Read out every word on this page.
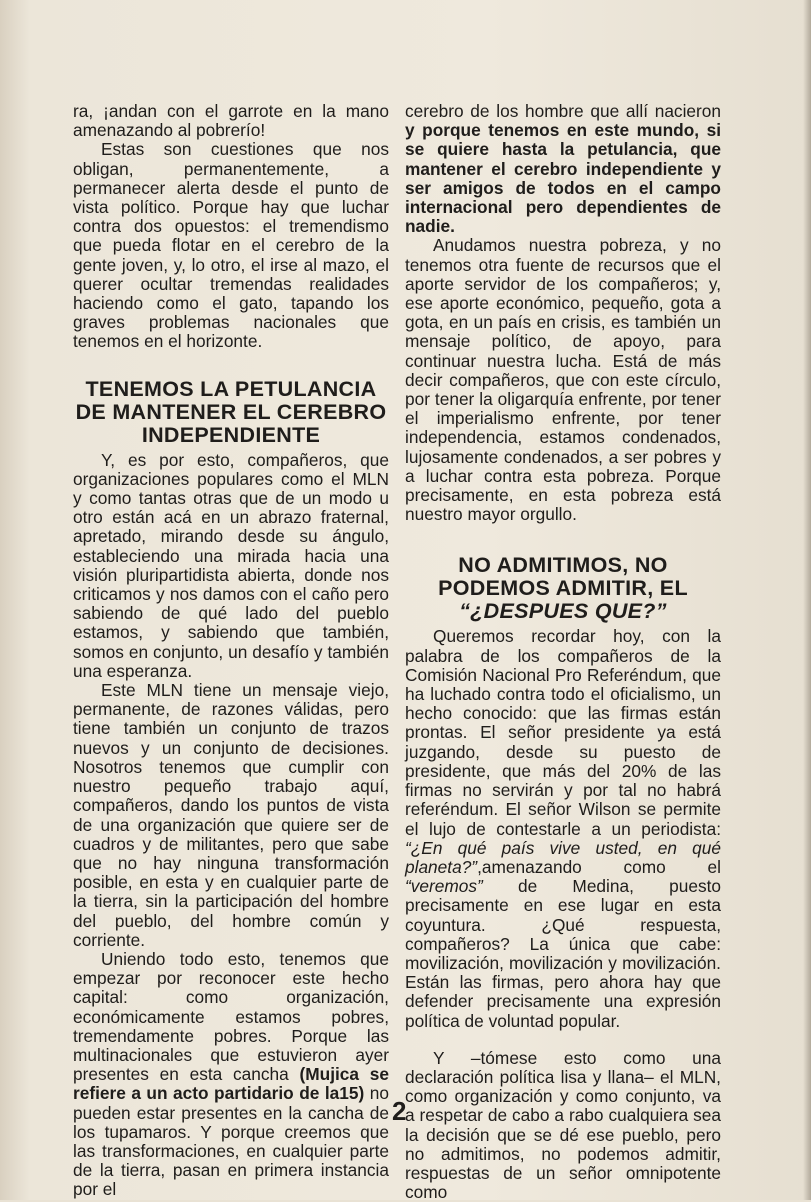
ra, ¡andan con el garrote en la mano amenazando al pobrerío!

Estas son cuestiones que nos obligan, permanentemente, a permanecer alerta desde el punto de vista político. Porque hay que luchar contra dos opuestos: el tremendismo que pueda flotar en el cerebro de la gente joven, y, lo otro, el irse al mazo, el querer ocultar tremendas realidades haciendo como el gato, tapando los graves problemas nacionales que tenemos en el horizonte.

TENEMOS LA PETULANCIA DE MANTENER EL CEREBRO INDEPENDIENTE

Y, es por esto, compañeros, que organizaciones populares como el MLN y como tantas otras que de un modo u otro están acá en un abrazo fraternal, apretado, mirando desde su ángulo, estableciendo una mirada hacia una visión pluripartidista abierta, donde nos criticamos y nos damos con el caño pero sabiendo de qué lado del pueblo estamos, y sabiendo que también, somos en conjunto, un desafío y también una esperanza.

Este MLN tiene un mensaje viejo, permanente, de razones válidas, pero tiene también un conjunto de trazos nuevos y un conjunto de decisiones. Nosotros tenemos que cumplir con nuestro pequeño trabajo aquí, compañeros, dando los puntos de vista de una organización que quiere ser de cuadros y de militantes, pero que sabe que no hay ninguna transformación posible, en esta y en cualquier parte de la tierra, sin la participación del hombre del pueblo, del hombre común y corriente.

Uniendo todo esto, tenemos que empezar por reconocer este hecho capital: como organización, económicamente estamos pobres, tremendamente pobres. Porque las multinacionales que estuvieron ayer presentes en esta cancha (Mujica se refiere a un acto partidario de la15) no pueden estar presentes en la cancha de los tupamaros. Y porque creemos que las transformaciones, en cualquier parte de la tierra, pasan en primera instancia por el

cerebro de los hombre que allí nacieron y porque tenemos en este mundo, si se quiere hasta la petulancia, que mantener el cerebro independiente y ser amigos de todos en el campo internacional pero dependientes de nadie.

Anudamos nuestra pobreza, y no tenemos otra fuente de recursos que el aporte servidor de los compañeros; y, ese aporte económico, pequeño, gota a gota, en un país en crisis, es también un mensaje político, de apoyo, para continuar nuestra lucha. Está de más decir compañeros, que con este círculo, por tener la oligarquía enfrente, por tener el imperialismo enfrente, por tener independencia, estamos condenados, lujosamente condenados, a ser pobres y a luchar contra esta pobreza. Porque precisamente, en esta pobreza está nuestro mayor orgullo.

NO ADMITIMOS, NO PODEMOS ADMITIR, EL
“¿DESPUES QUE?”

Queremos recordar hoy, con la palabra de los compañeros de la Comisión Nacional Pro Referéndum, que ha luchado contra todo el oficialismo, un hecho conocido: que las firmas están prontas. El señor presidente ya está juzgando, desde su puesto de presidente, que más del 20% de las firmas no servirán y por tal no habrá referéndum. El señor Wilson se permite el lujo de contestarle a un periodista: “¿En qué país vive usted, en qué planeta?”,amenazando como el “veremos” de Medina, puesto precisamente en ese lugar en esta coyuntura. ¿Qué respuesta, compañeros? La única que cabe: movilización, movilización y movilización. Están las firmas, pero ahora hay que defender precisamente una expresión política de voluntad popular.

Y –tómese esto como una declaración política lisa y llana– el MLN, como organización y como conjunto, va a respetar de cabo a rabo cualquiera sea la decisión que se dé ese pueblo, pero no admitimos, no podemos admitir, respuestas de un señor omnipotente como

2
